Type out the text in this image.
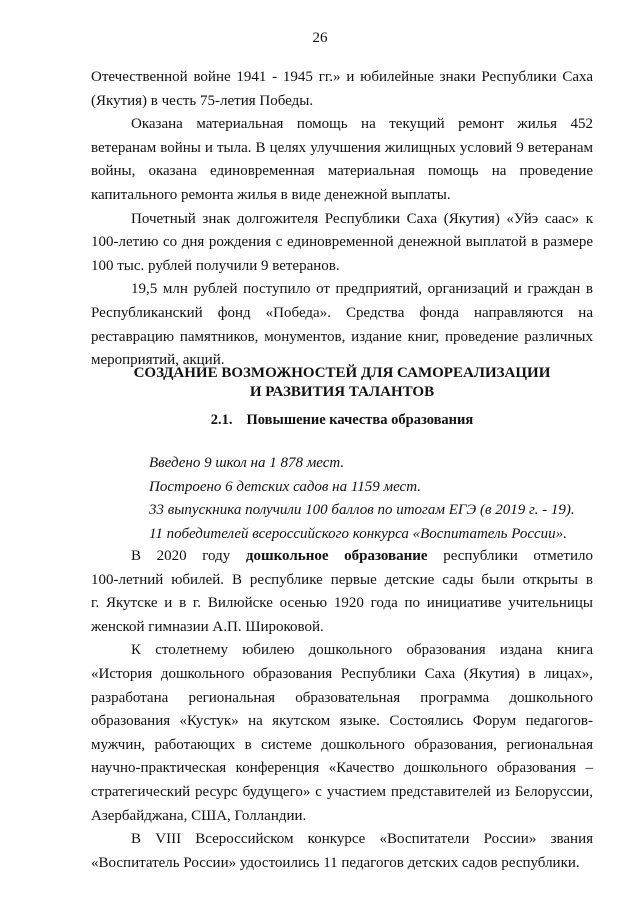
26

Отечественной войне 1941 - 1945 гг.» и юбилейные знаки Республики Саха
(Якутия) в честь 75-летия Победы.

Оказана материальная помощь на текущий ремонт жилья 452
ветеранам войны и тыла. В целях улучшения жилищных условий 9 ветеранам
войны, оказана единовременная материальная помощь на проведение
капитального ремонта жилья в виде денежной выплаты.

Почетный знак долгожителя Республики Саха (Якутия) «Уйэ саас» к
100-летию со дня рождения с единовременной денежной выплатой в размере
100 тыс. рублей получили 9 ветеранов.

19,5 млн рублей поступило от предприятий, организаций и граждан в
Республиканский фонд «Победа». Средства фонда направляются на
реставрацию памятников, монументов, издание книг, проведение различных
мероприятий, акций.

СОЗДАНИЕ ВОЗМОЖНОСТЕЙ ДЛЯ САМОРЕАЛИЗАЦИИ
И РАЗВИТИЯ ТАЛАНТОВ
2.1. Повышение качества образования
Введено 9 школ на 1 878 мест.
Построено 6 детских садов на 1159 мест.
33 выпускника получили 100 баллов по итогам ЕГЭ (в 2019 г. - 19).
11 победителей всероссийского конкурса «Воспитатель России».

В 2020 году дошкольное образование республики отметило
100-летний юбилей. В республике первые детские сады были открыты в
г. Якутске и в г. Вилюйске осенью 1920 года по инициативе учительницы
женской гимназии А.П. Широковой.

К столетнему юбилею дошкольного образования издана книга
«История дошкольного образования Республики Саха (Якутия) в лицах»,
разработана региональная образовательная программа дошкольного
образования «Кустук» на якутском языке. Состоялись Форум педагогов-
мужчин, работающих в системе дошкольного образования, региональная
научно-практическая конференция «Качество дошкольного образования –
стратегический ресурс будущего» с участием представителей из Белоруссии,
Азербайджана, США, Голландии.

В VIII Всероссийском конкурсе «Воспитатели России» звания
«Воспитатель России» удостоились 11 педагогов детских садов республики.
